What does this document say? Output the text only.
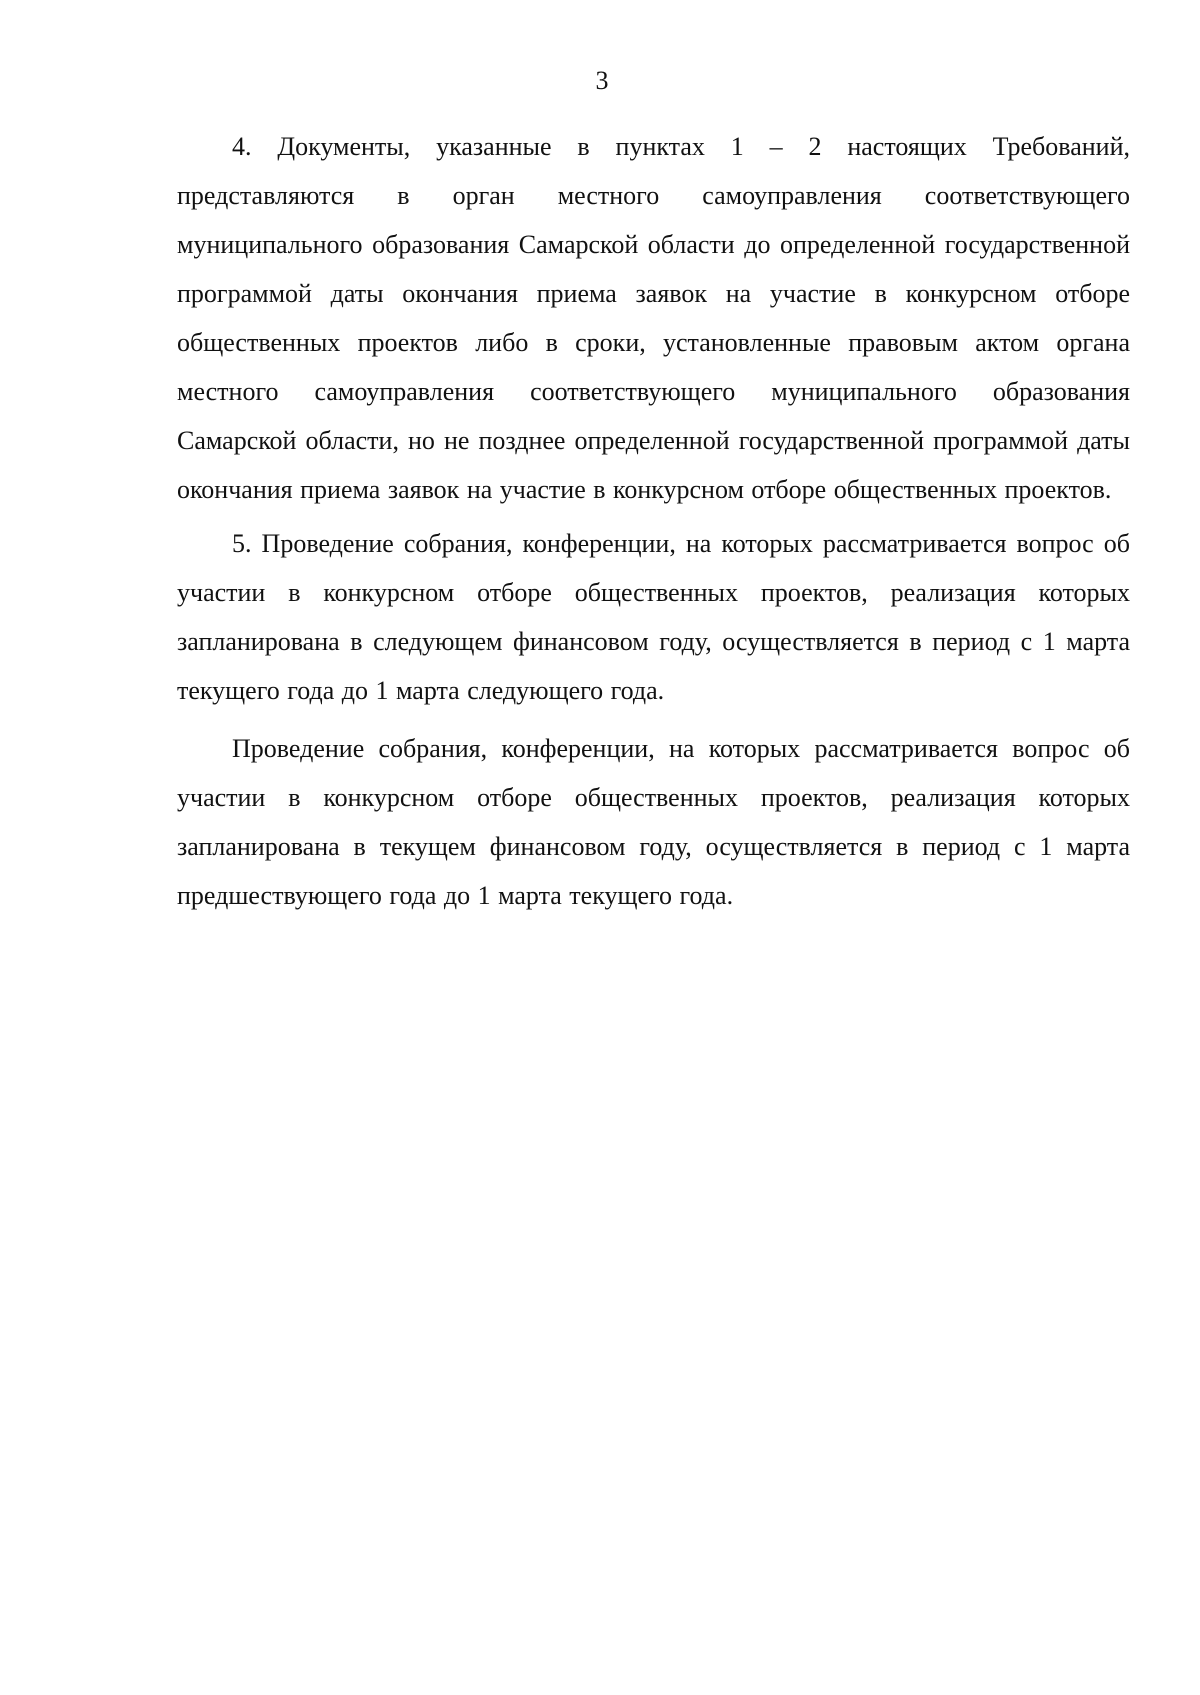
3

4. Документы, указанные в пунктах 1 – 2 настоящих Требований, представляются в орган местного самоуправления соответствующего муниципального образования Самарской области до определенной государственной программой даты окончания приема заявок на участие в конкурсном отборе общественных проектов либо в сроки, установленные правовым актом органа местного самоуправления соответствующего муниципального образования Самарской области, но не позднее определенной государственной программой даты окончания приема заявок на участие в конкурсном отборе общественных проектов.

5. Проведение собрания, конференции, на которых рассматривается вопрос об участии в конкурсном отборе общественных проектов, реализация которых запланирована в следующем финансовом году, осуществляется в период с 1 марта текущего года до 1 марта следующего года.

Проведение собрания, конференции, на которых рассматривается вопрос об участии в конкурсном отборе общественных проектов, реализация которых запланирована в текущем финансовом году, осуществляется в период с 1 марта предшествующего года до 1 марта текущего года.
